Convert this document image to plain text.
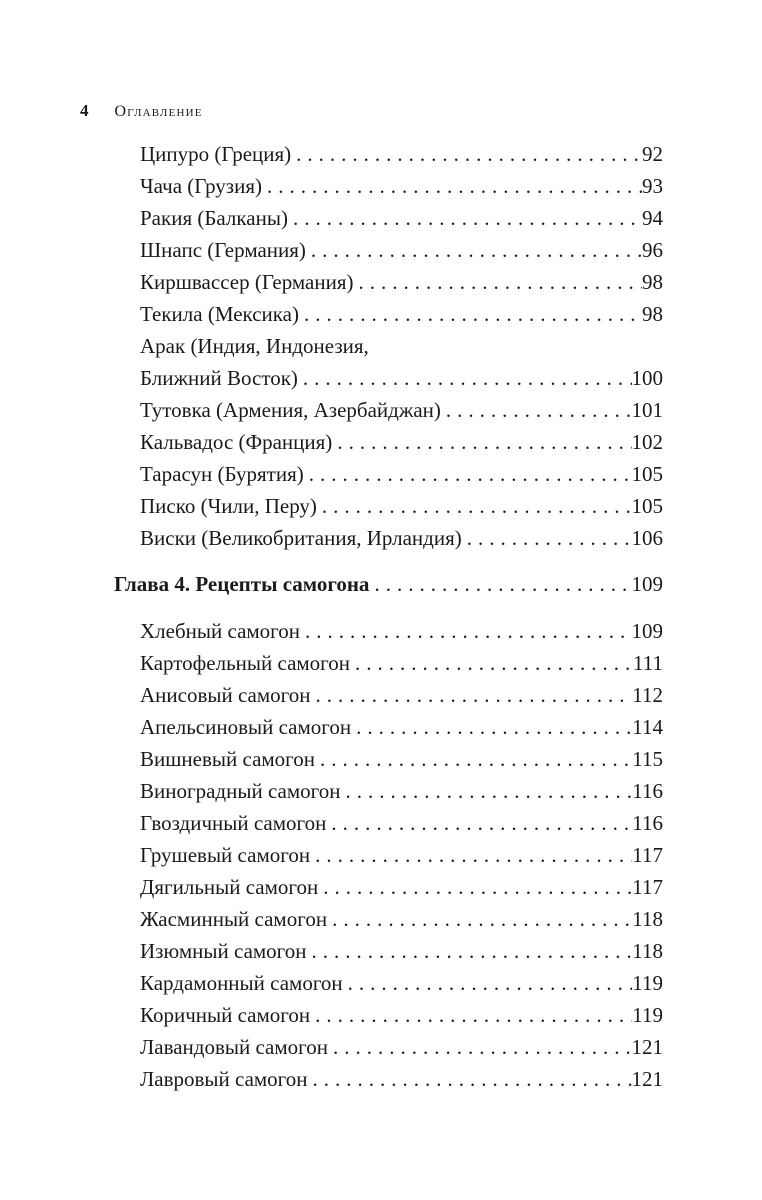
4 Оглавление
Ципуро (Греция) .....	92
Чача (Грузия) .....	93
Ракия (Балканы) .....	94
Шнапс (Германия) .....	96
Киршвассер (Германия) .....	98
Текила (Мексика) .....	98
Арак (Индия, Индонезия,
Ближний Восток) .....	100
Тутовка (Армения, Азербайджан) .....	101
Кальвадос (Франция) .....	102
Тарасун (Бурятия) .....	105
Писко (Чили, Перу) .....	105
Виски (Великобритания, Ирландия) .....	106
Глава 4. Рецепты самогона .....	109
Хлебный самогон .....	109
Картофельный самогон .....	111
Анисовый самогон .....	112
Апельсиновый самогон .....	114
Вишневый самогон .....	115
Виноградный самогон .....	116
Гвоздичный самогон .....	116
Грушевый самогон .....	117
Дягильный самогон .....	117
Жасминный самогон .....	118
Изюмный самогон .....	118
Кардамонный самогон .....	119
Коричный самогон .....	119
Лавандовый самогон .....	121
Лавровый самогон .....	121
